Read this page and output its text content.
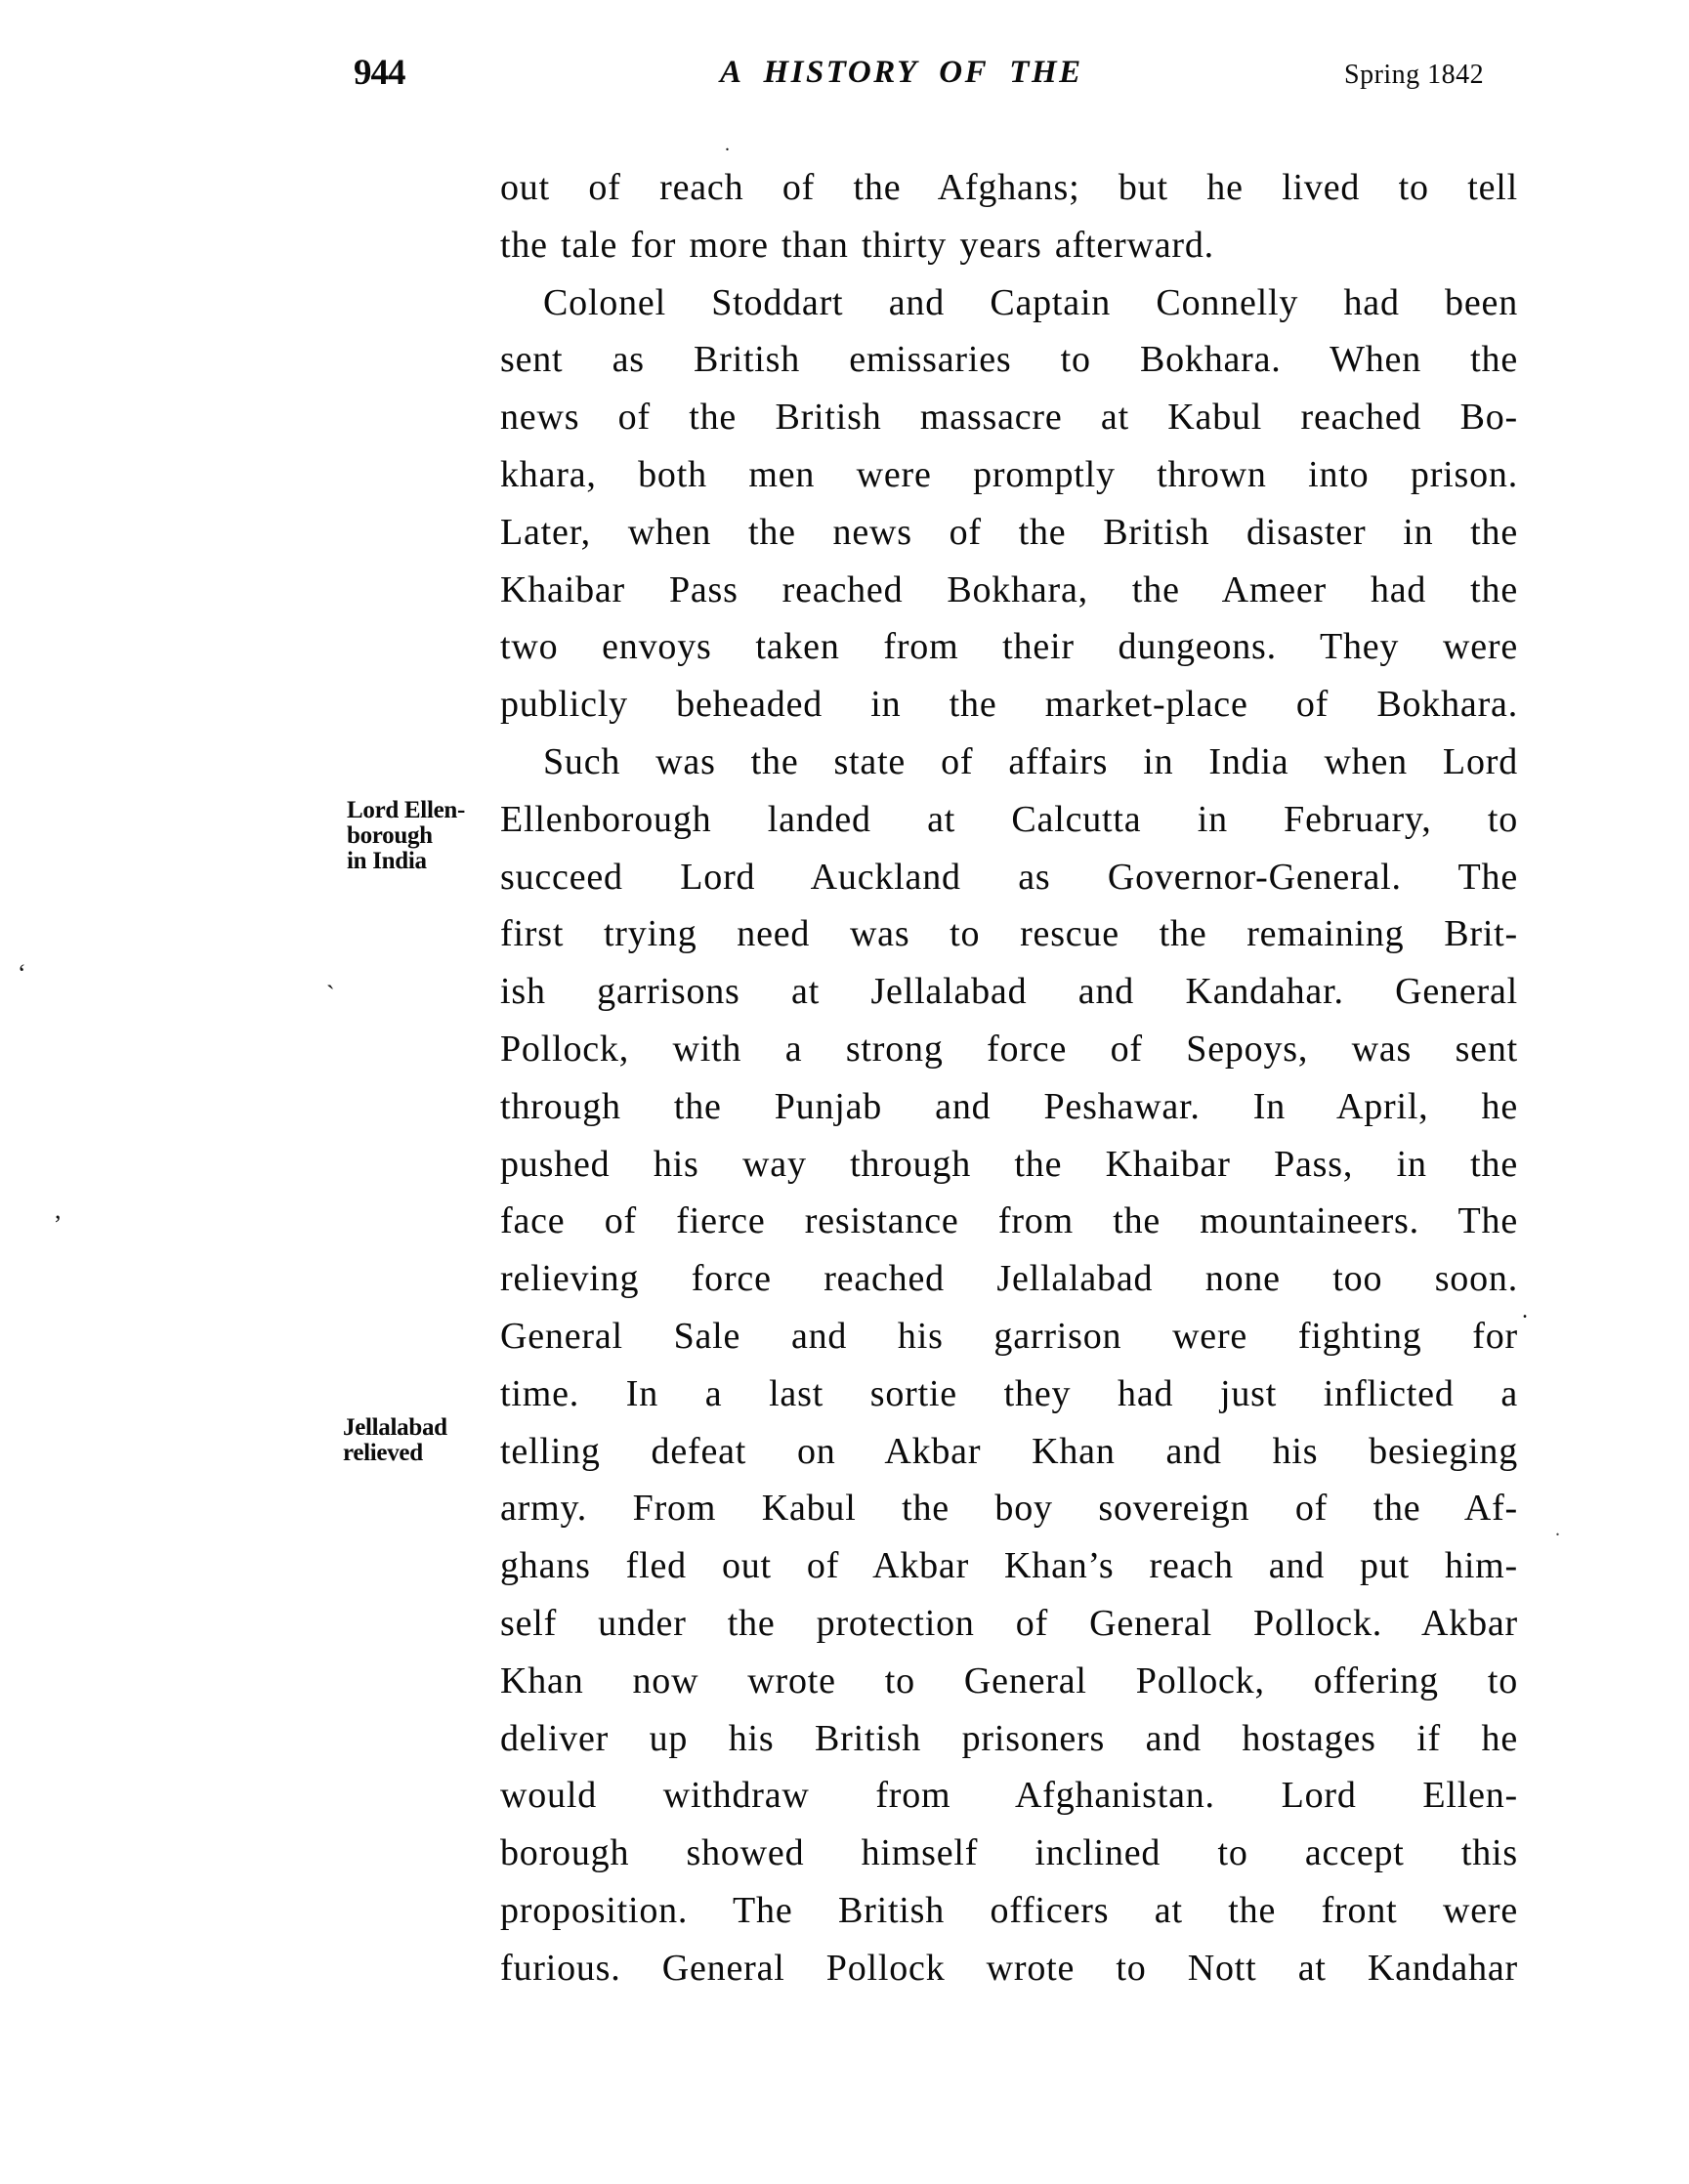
944	A HISTORY OF THE	Spring 1842
Lord Ellen-
borough
in India
Jellalabad
relieved
out of reach of the Afghans; but he lived to tell
the tale for more than thirty years afterward.
Colonel Stoddart and Captain Connelly had been
sent as British emissaries to Bokhara. When the
news of the British massacre at Kabul reached Bo-
khara, both men were promptly thrown into prison.
Later, when the news of the British disaster in the
Khaibar Pass reached Bokhara, the Ameer had the
two envoys taken from their dungeons. They were
publicly beheaded in the market-place of Bokhara.
Such was the state of affairs in India when Lord
Ellenborough landed at Calcutta in February, to
succeed Lord Auckland as Governor-General. The
first trying need was to rescue the remaining Brit-
ish garrisons at Jellalabad and Kandahar. General
Pollock, with a strong force of Sepoys, was sent
through the Punjab and Peshawar. In April, he
pushed his way through the Khaibar Pass, in the
face of fierce resistance from the mountaineers. The
relieving force reached Jellalabad none too soon.
General Sale and his garrison were fighting for
time. In a last sortie they had just inflicted a
telling defeat on Akbar Khan and his besieging
army. From Kabul the boy sovereign of the Af-
ghans fled out of Akbar Khan’s reach and put him-
self under the protection of General Pollock. Akbar
Khan now wrote to General Pollock, offering to
deliver up his British prisoners and hostages if he
would withdraw from Afghanistan. Lord Ellen-
borough showed himself inclined to accept this
proposition. The British officers at the front were
furious. General Pollock wrote to Nott at Kandahar
.
ʻ
`
,
.
.
